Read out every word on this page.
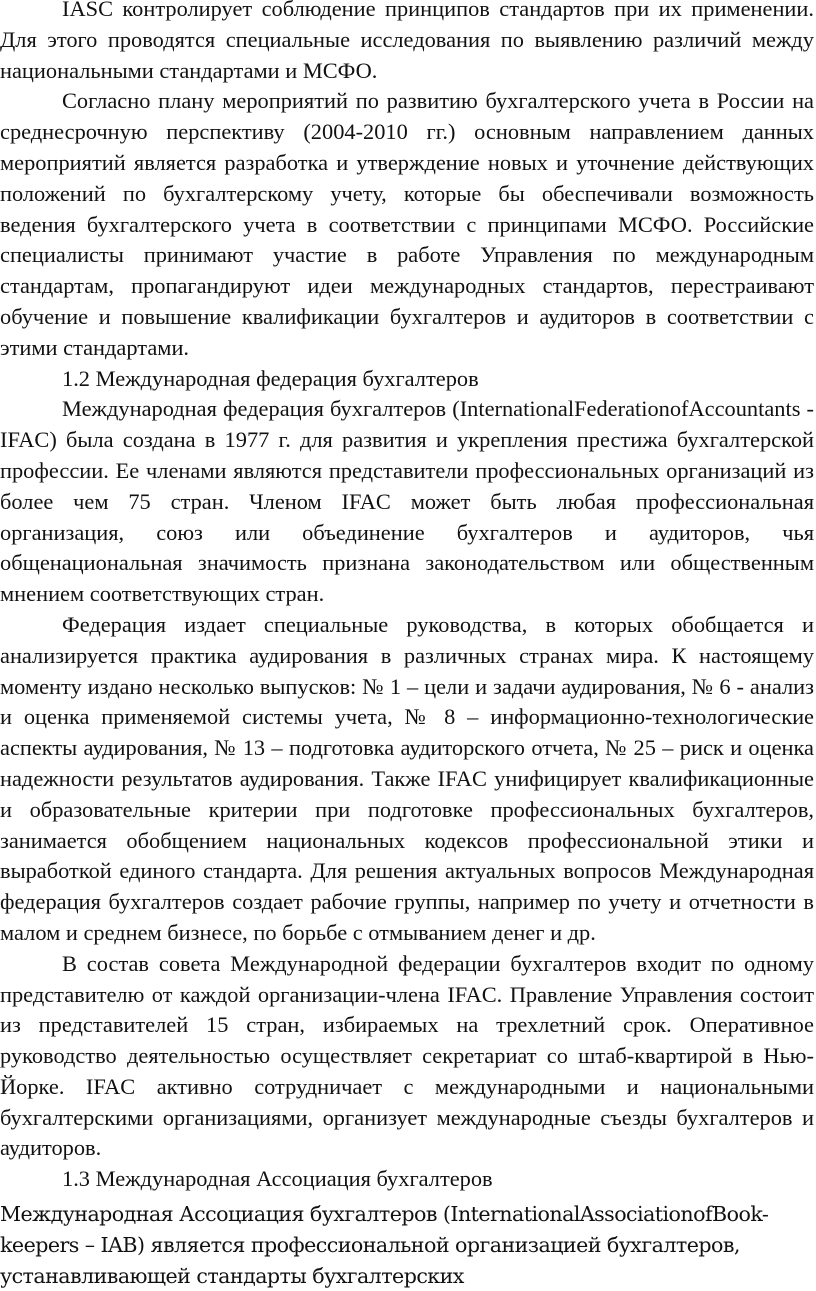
IASC контролирует соблюдение принципов стандартов при их применении. Для этого проводятся специальные исследования по выявлению различий между национальными стандартами и МСФО.

Согласно плану мероприятий по развитию бухгалтерского учета в России на среднесрочную перспективу (2004-2010 гг.) основным направлением данных мероприятий является разработка и утверждение новых и уточнение действующих положений по бухгалтерскому учету, которые бы обеспечивали возможность ведения бухгалтерского учета в соответствии с принципами МСФО. Российские специалисты принимают участие в работе Управления по международным стандартам, пропагандируют идеи международных стандартов, перестраивают обучение и повышение квалификации бухгалтеров и аудиторов в соответствии с этими стандартами.

1.2 Международная федерация бухгалтеров

Международная федерация бухгалтеров (InternationalFederationofAccountants - IFAC) была создана в 1977 г. для развития и укрепления престижа бухгалтерской профессии. Ее членами являются представители профессиональных организаций из более чем 75 стран. Членом IFAC может быть любая профессиональная организация, союз или объединение бухгалтеров и аудиторов, чья общенациональная значимость признана законодательством или общественным мнением соответствующих стран.

Федерация издает специальные руководства, в которых обобщается и анализируется практика аудирования в различных странах мира. К настоящему моменту издано несколько выпусков: № 1 – цели и задачи аудирования, № 6 - анализ и оценка применяемой системы учета, № 8 – информационно-технологические аспекты аудирования, № 13 – подготовка аудиторского отчета, № 25 – риск и оценка надежности результатов аудирования. Также IFAC унифицирует квалификационные и образовательные критерии при подготовке профессиональных бухгалтеров, занимается обобщением национальных кодексов профессиональной этики и выработкой единого стандарта. Для решения актуальных вопросов Международная федерация бухгалтеров создает рабочие группы, например по учету и отчетности в малом и среднем бизнесе, по борьбе с отмыванием денег и др.

В состав совета Международной федерации бухгалтеров входит по одному представителю от каждой организации-члена IFAC. Правление Управления состоит из представителей 15 стран, избираемых на трехлетний срок. Оперативное руководство деятельностью осуществляет секретариат со штаб-квартирой в Нью-Йорке. IFAC активно сотрудничает с международными и национальными бухгалтерскими организациями, организует международные съезды бухгалтеров и аудиторов.

1.3 Международная Ассоциация бухгалтеров

Международная Ассоциация бухгалтеров (InternationalAssociationofBook-keepers – IAB) является профессиональной организацией бухгалтеров, устанавливающей стандарты бухгалтерских
